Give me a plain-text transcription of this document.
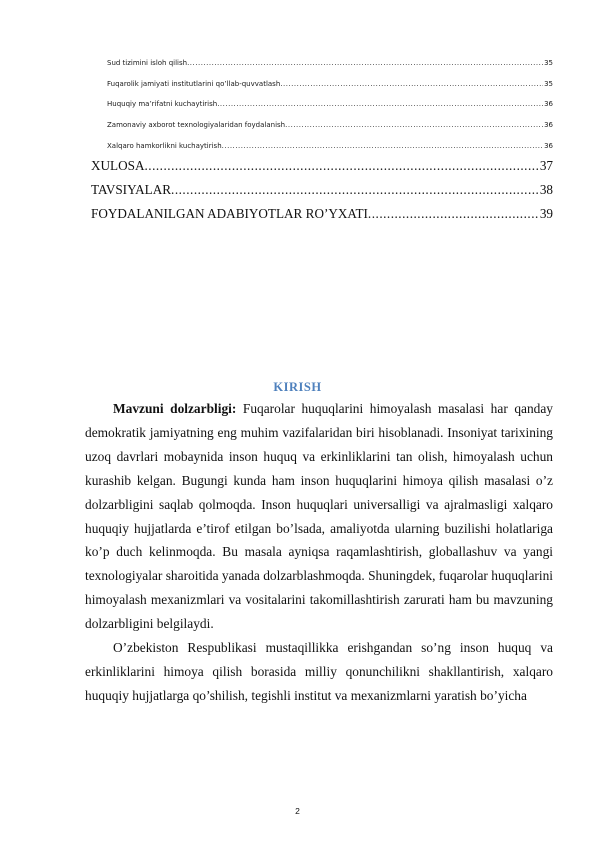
Sud tizimini isloh qilish .....	35
Fuqarolik jamiyati institutlarini qo’llab-quvvatlash .....	35
Huquqiy ma’rifatni kuchaytirish .....	36
Zamonaviy axborot texnologiyalaridan foydalanish .....	36
Xalqaro hamkorlikni kuchaytirish .....	36
XULOSA .....	37
TAVSIYALAR .....	38
FOYDALANILGAN ADABIYOTLAR RO’YXATI .....	39
KIRISH

Mavzuni dolzarbligi: Fuqarolar huquqlarini himoyalash masalasi har qanday demokratik jamiyatning eng muhim vazifalaridan biri hisoblanadi. Insoniyat tarixining uzoq davrlari mobaynida inson huquq va erkinliklarini tan olish, himoyalash uchun kurashib kelgan. Bugungi kunda ham inson huquqlarini himoya qilish masalasi o’z dolzarbligini saqlab qolmoqda. Inson huquqlari universalligi va ajralmasligi xalqaro huquqiy hujjatlarda e’tirof etilgan bo’lsada, amaliyotda ularning buzilishi holatlariga ko’p duch kelinmoqda. Bu masala ayniqsa raqamlashtirish, globallashuv va yangi texnologiyalar sharoitida yanada dolzarblashmoqda. Shuningdek, fuqarolar huquqlarini himoyalash mexanizmlari va vositalarini takomillashtirish zarurati ham bu mavzuning dolzarbligini belgilaydi.

O’zbekiston Respublikasi mustaqillikka erishgandan so’ng inson huquq va erkinliklarini himoya qilish borasida milliy qonunchilikni shakllantirish, xalqaro huquqiy hujjatlarga qo’shilish, tegishli institut va mexanizmlarni yaratish bo’yicha

2
